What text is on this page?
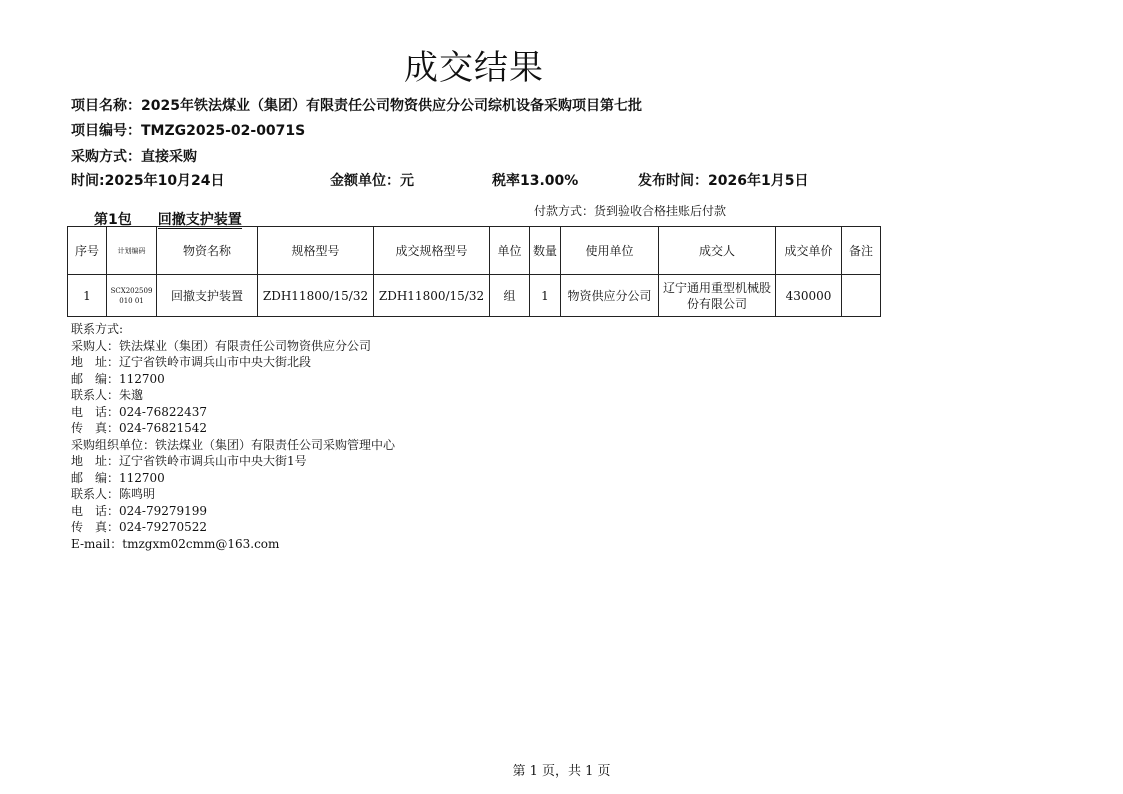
成交结果
项目名称：2025年铁法煤业（集团）有限责任公司物资供应分公司综机设备采购项目第七批
项目编号：TMZG2025-02-0071S
采购方式：直接采购
时间:2025年10月24日	金额单位：元	税率13.00%	发布时间：2026年1月5日
第1包 回撤支护装置
付款方式：货到验收合格挂账后付款
序号	计划编码	物资名称	规格型号	成交规格型号	单位	数量	使用单位	成交人	成交单价	备注
1	SCX202509010 01	回撤支护装置	ZDH11800/15/32	ZDH11800/15/32	组	1	物资供应分公司	辽宁通用重型机械股份有限公司	430000	
联系方式:
采购人：铁法煤业（集团）有限责任公司物资供应分公司
地　址：辽宁省铁岭市调兵山市中央大街北段
邮　编：112700
联系人：朱邈
电　话：024-76822437
传　真：024-76821542
采购组织单位：铁法煤业（集团）有限责任公司采购管理中心
地　址：辽宁省铁岭市调兵山市中央大街1号
邮　编：112700
联系人：陈鸣明
电　话：024-79279199
传　真：024-79270522
E-mail：tmzgxm02cmm@163.com
第 1 页，共 1 页
